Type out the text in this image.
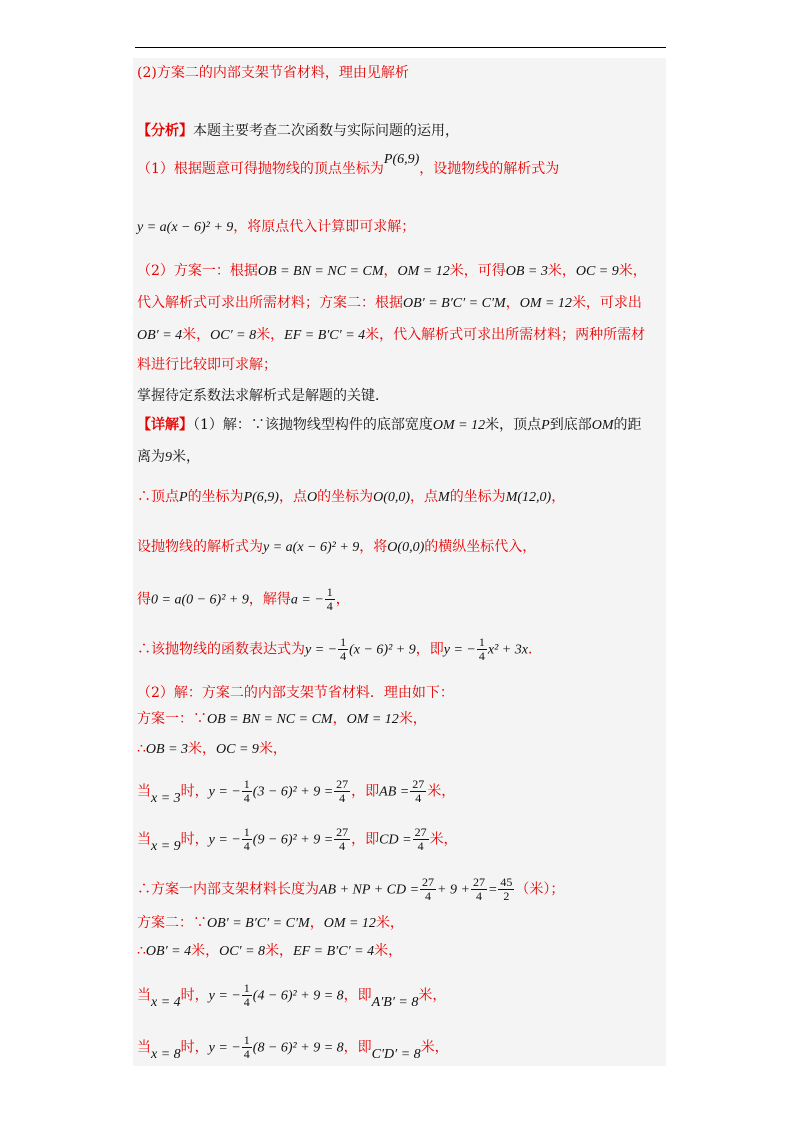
(2)方案二的内部支架节省材料，理由见解析
【分析】本题主要考查二次函数与实际问题的运用，
（1）根据题意可得抛物线的顶点坐标为P(6,9)，设抛物线的解析式为
y = a(x − 6)² + 9，将原点代入计算即可求解；
（2）方案一：根据OB = BN = NC = CM，OM = 12米，可得OB = 3米，OC = 9米，
代入解析式可求出所需材料；方案二：根据OB′ = B′C′ = C′M，OM = 12米，可求出
OB′ = 4米，OC′ = 8米，EF = B′C′ = 4米，代入解析式可求出所需材料；两种所需材
料进行比较即可求解；
掌握待定系数法求解析式是解题的关键．
【详解】（1）解：∵该抛物线型构件的底部宽度OM = 12米，顶点P到底部OM的距
离为9米，
∴顶点P的坐标为P(6,9)，点O的坐标为O(0,0)，点M的坐标为M(12,0)，
设抛物线的解析式为y = a(x − 6)² + 9，将O(0,0)的横纵坐标代入，
得0 = a(0 − 6)² + 9，解得a = − $\frac{1}{4}$ ，
∴该抛物线的函数表达式为y = − $\frac{1}{4} (x - 6)^2 + 9$，即y = − $\frac{1}{4} x^2 + 3x$．
（2）解：方案二的内部支架节省材料．理由如下：
方案一：∵OB = BN = NC = CM，OM = 12米，
∴OB = 3米，OC = 9米，
当x = 3时，y = − $\frac{1}{4} (3 - 6)^2 + 9 = \frac{27}{4}$ ，即AB = $\frac{27}{4}$ 米，
当x = 9时，y = − $\frac{1}{4} (9 - 6)^2 + 9 = \frac{27}{4}$ ，即CD = $\frac{27}{4}$ 米，
∴方案一内部支架材料长度为AB + NP + CD = $\frac{27}{4} + 9 + \frac{27}{4} = \frac{45}{2}$ （米）；
方案二：∵OB′ = B′C′ = C′M，OM = 12米，
∴OB′ = 4米，OC′ = 8米，EF = B′C′ = 4米，
当x = 4时，y = − $\frac{1}{4} (4 - 6)^2 + 9 = 8$，即A′B′ = 8米，
当x = 8时，y = − $\frac{1}{4} (8 - 6)^2 + 9 = 8$，即C′D′ = 8米，
